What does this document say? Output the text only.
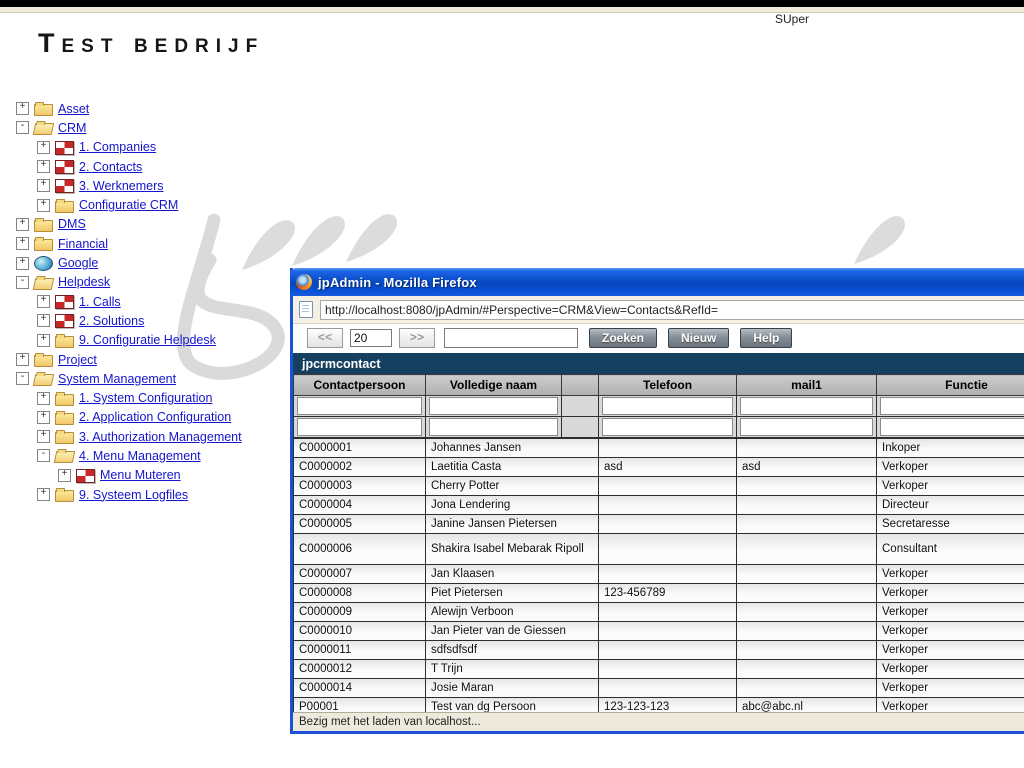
SUper
Test bedrijf
+	Asset
-	CRM
+	1. Companies
+	2. Contacts
+	3. Werknemers
+	Configuratie CRM
+	DMS
+	Financial
+	Google
-	Helpdesk
+	1. Calls
+	2. Solutions
+	9. Configuratie Helpdesk
+	Project
-	System Management
+	1. System Configuration
+	2. Application Configuration
+	3. Authorization Management
-	4. Menu Management
+	Menu Muteren
+	9. Systeem Logfiles
jpAdmin - Mozilla Firefox
http://localhost:8080/jpAdmin/#Perspective=CRM&View=Contacts&RefId=
<<
20	>>	Zoeken	Nieuw	Help
jpcrmcontact
Contactpersoon	Volledige naam		Telefoon	mail1	Functie

C0000001	Johannes Jansen			Inkoper
C0000002	Laetitia Casta	asd	asd	Verkoper
C0000003	Cherry Potter			Verkoper
C0000004	Jona Lendering			Directeur
C0000005	Janine Jansen Pietersen			Secretaresse
C0000006	Shakira Isabel Mebarak Ripoll			Consultant
C0000007	Jan Klaasen			Verkoper
C0000008	Piet Pietersen	123-456789		Verkoper
C0000009	Alewijn Verboon			Verkoper
C0000010	Jan Pieter van de Giessen			Verkoper
C0000011	sdfsdfsdf			Verkoper
C0000012	T Trijn			Verkoper
C0000014	Josie Maran			Verkoper
P00001	Test van dg Persoon	123-123-123	abc@abc.nl	Verkoper
Bezig met het laden van localhost...
